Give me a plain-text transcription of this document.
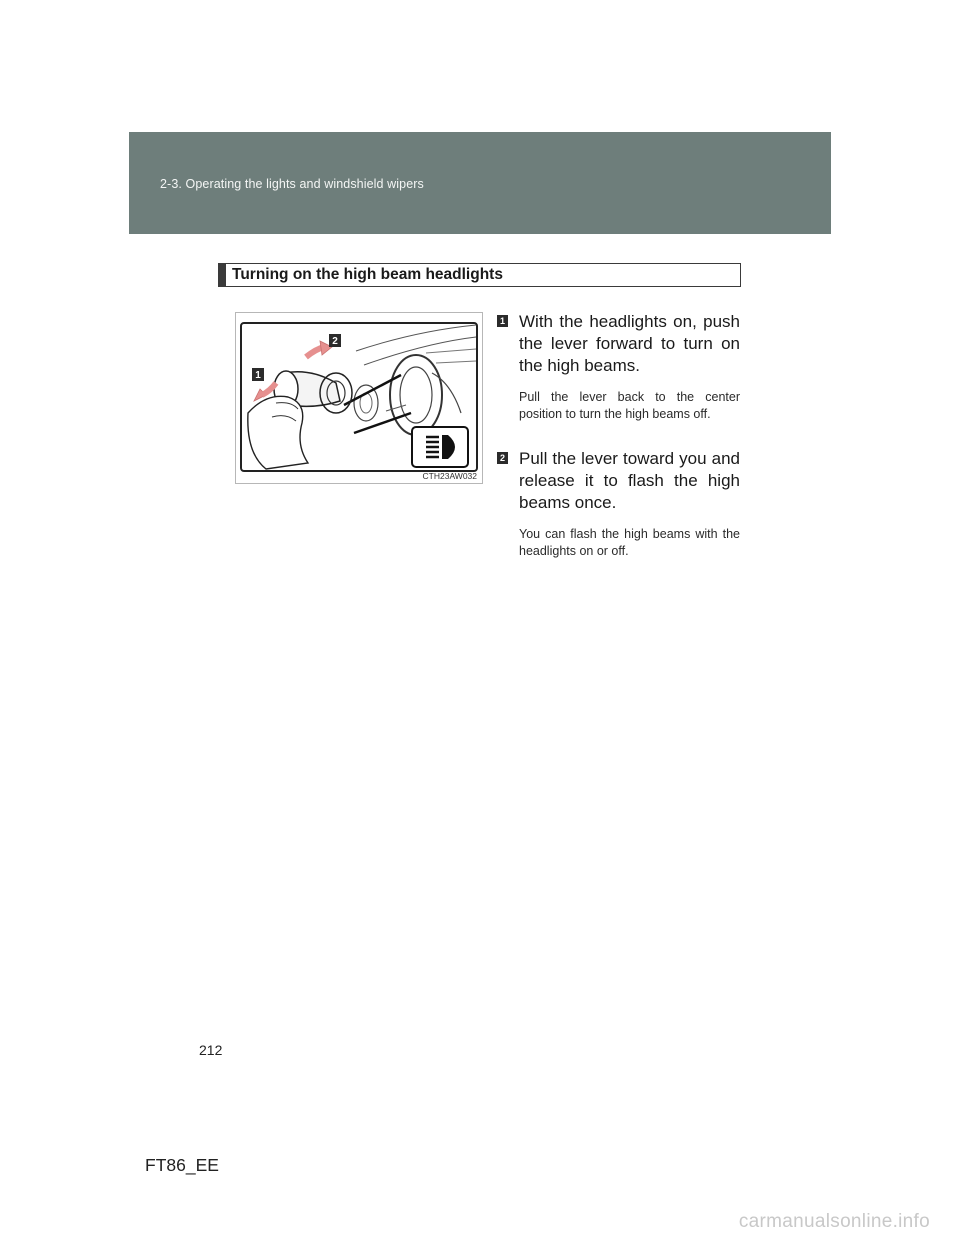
2-3. Operating the lights and windshield wipers
Turning on the high beam headlights
1
2
CTH23AW032
1 With the headlights on, push the lever forward to turn on the high beams.
Pull the lever back to the center position to turn the high beams off.
2 Pull the lever toward you and release it to flash the high beams once.
You can flash the high beams with the headlights on or off.
212
FT86_EE
carmanualsonline.info
